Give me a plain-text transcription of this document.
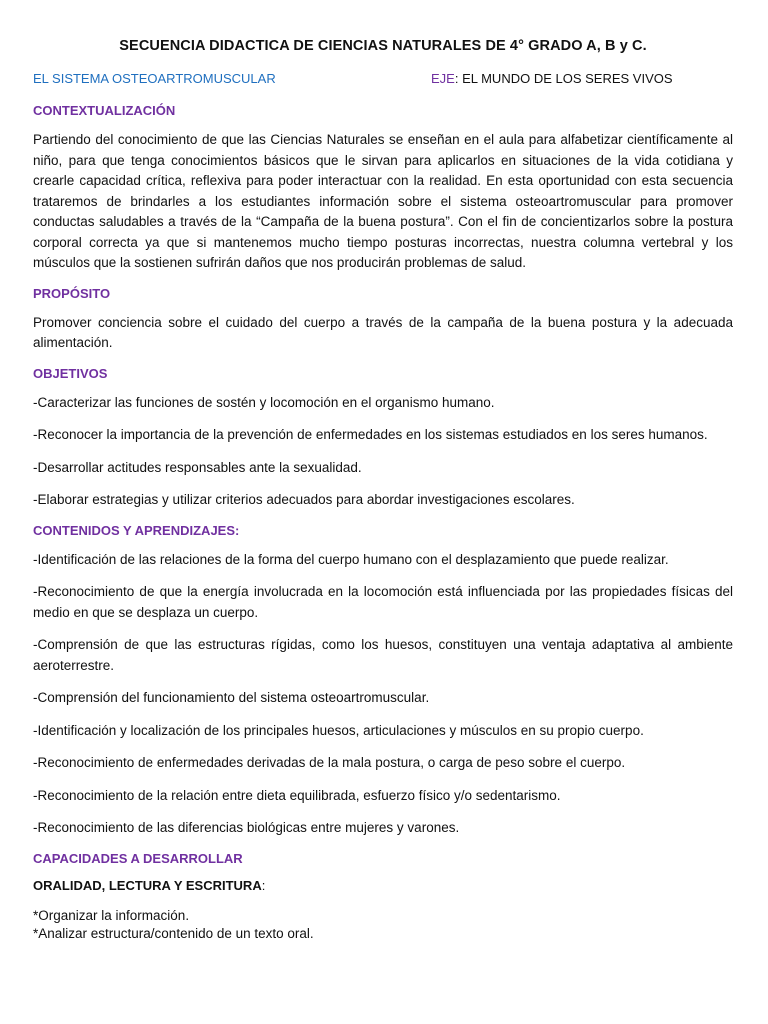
SECUENCIA DIDACTICA DE CIENCIAS NATURALES DE 4° GRADO A, B y C.
EL SISTEMA OSTEOARTROMUSCULAR	EJE: EL MUNDO DE LOS SERES VIVOS
CONTEXTUALIZACIÓN

Partiendo del conocimiento de que las Ciencias Naturales se enseñan en el aula para alfabetizar científicamente al niño, para que tenga conocimientos básicos que le sirvan para aplicarlos en situaciones de la vida cotidiana y crearle capacidad crítica, reflexiva para poder interactuar con la realidad. En esta oportunidad con esta secuencia trataremos de brindarles a los estudiantes información sobre el sistema osteoartromuscular para promover conductas saludables a través de la “Campaña de la buena postura”. Con el fin de concientizarlos sobre la postura corporal correcta ya que si mantenemos mucho tiempo posturas incorrectas, nuestra columna vertebral y los músculos que la sostienen sufrirán daños que nos producirán problemas de salud.

PROPÓSITO

Promover conciencia sobre el cuidado del cuerpo a través de la campaña de la buena postura y la adecuada alimentación.

OBJETIVOS
-Caracterizar las funciones de sostén y locomoción en el organismo humano.
-Reconocer la importancia de la prevención de enfermedades en los sistemas estudiados en los seres humanos.
-Desarrollar actitudes responsables ante la sexualidad.
-Elaborar estrategias y utilizar criterios adecuados para abordar investigaciones escolares.
CONTENIDOS Y APRENDIZAJES:
-Identificación de las relaciones de la forma del cuerpo humano con el desplazamiento que puede realizar.
-Reconocimiento de que la energía involucrada en la locomoción está influenciada por las propiedades físicas del medio en que se desplaza un cuerpo.
-Comprensión de que las estructuras rígidas, como los huesos, constituyen una ventaja adaptativa al ambiente aeroterrestre.
-Comprensión del funcionamiento del sistema osteoartromuscular.
-Identificación y localización de los principales huesos, articulaciones y músculos en su propio cuerpo.
-Reconocimiento de enfermedades derivadas de la mala postura, o carga de peso sobre el cuerpo.
-Reconocimiento de la relación entre dieta equilibrada, esfuerzo físico y/o sedentarismo.
-Reconocimiento de las diferencias biológicas entre mujeres y varones.
CAPACIDADES A DESARROLLAR
ORALIDAD, LECTURA Y ESCRITURA:
*Organizar la información.
*Analizar estructura/contenido de un texto oral.
